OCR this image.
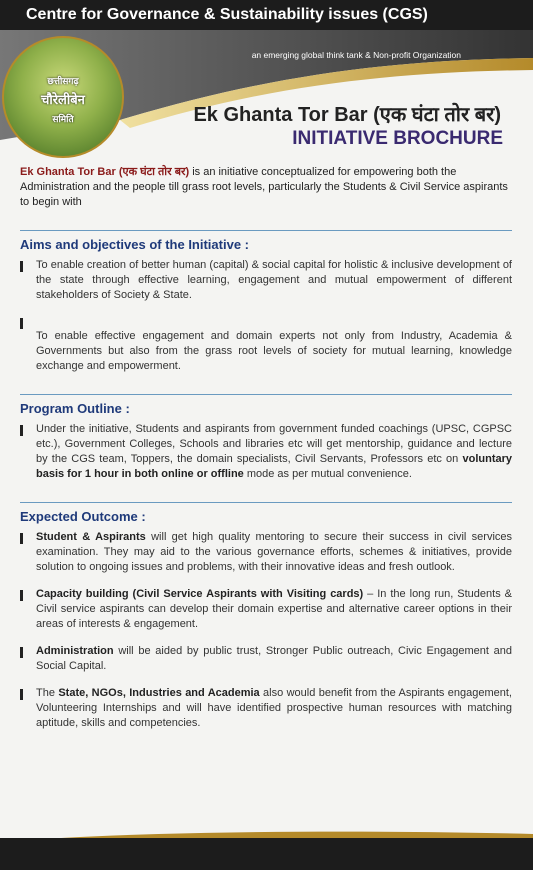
Centre for Governance & Sustainability issues (CGS)
an emerging global think tank & Non-profit Organization
छत्तीसगढ़
चौरेलीबेन
समिति	Ek Ghanta Tor Bar (एक घंटा तोर बर)
INITIATIVE BROCHURE
Ek Ghanta Tor Bar (एक घंटा तोर बर) is an initiative conceptualized for empowering both the Administration and the people till grass root levels, particularly the Students & Civil Service aspirants to begin with
Aims and objectives of the Initiative :
To enable creation of better human (capital) & social capital for holistic & inclusive development of the state through effective learning, engagement and mutual empowerment of different stakeholders of Society & State.
To enable effective engagement and domain experts not only from Industry, Academia & Governments but also from the grass root levels of society for mutual learning, knowledge exchange and empowerment.
Program Outline :
Under the initiative, Students and aspirants from government funded coachings (UPSC, CGPSC etc.), Government Colleges, Schools and libraries etc will get mentorship, guidance and lecture by the CGS team, Toppers, the domain specialists, Civil Servants, Professors etc on voluntary basis for 1 hour in both online or offline mode as per mutual convenience.
Expected Outcome :
Student & Aspirants will get high quality mentoring to secure their success in civil services examination. They may aid to the various governance efforts, schemes & initiatives, provide solution to ongoing issues and problems, with their innovative ideas and fresh outlook.
Capacity building (Civil Service Aspirants with Visiting cards) – In the long run, Students & Civil service aspirants can develop their domain expertise and alternative career options in their areas of interests & engagement.
Administration will be aided by public trust, Stronger Public outreach, Civic Engagement and Social Capital.
The State, NGOs, Industries and Academia also would benefit from the Aspirants engagement, Volunteering Internships and will have identified prospective human resources with matching aptitude, skills and competencies.
